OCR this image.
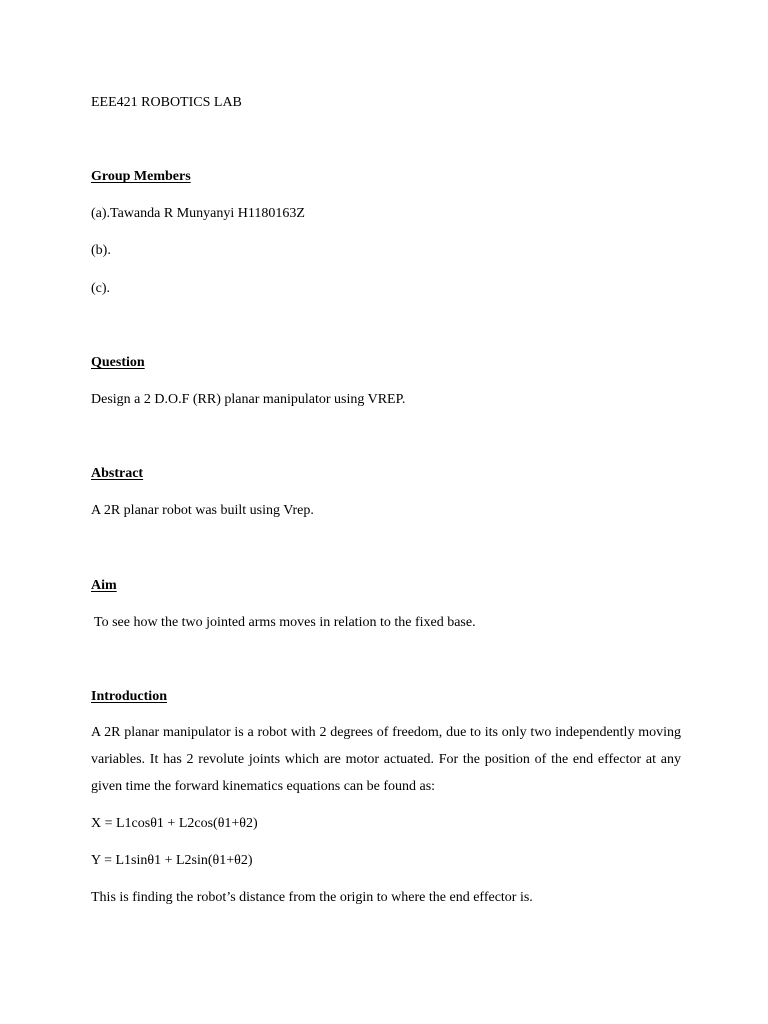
EEE421 ROBOTICS LAB
Group Members
(a).Tawanda R Munyanyi H1180163Z
(b).
(c).
Question
Design a 2 D.O.F (RR) planar manipulator using VREP.
Abstract
A 2R planar robot was built using Vrep.
Aim
To see how the two jointed arms moves in relation to the fixed base.
Introduction
A 2R planar manipulator is a robot with 2 degrees of freedom, due to its only two independently moving variables. It has 2 revolute joints which are motor actuated. For the position of the end effector at any given time the forward kinematics equations can be found as:
X = L1cosθ1 + L2cos(θ1+θ2)
Y = L1sinθ1 + L2sin(θ1+θ2)
This is finding the robot’s distance from the origin to where the end effector is.
